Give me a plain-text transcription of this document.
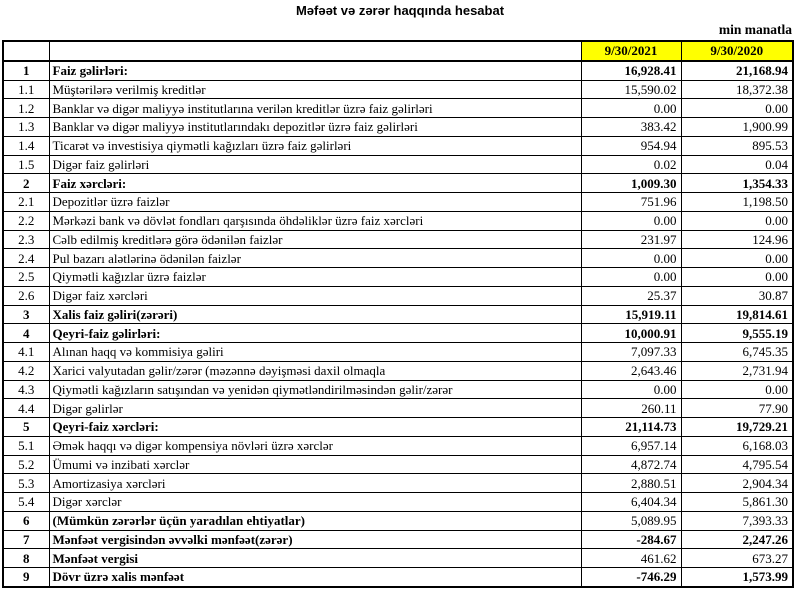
Məfəət və zərər haqqında hesabat
min manatla
		9/30/2021	9/30/2020
1	Faiz gəlirləri:	16,928.41	21,168.94
1.1	Müştərilərə verilmiş kreditlər	15,590.02	18,372.38
1.2	Banklar və digər maliyyə institutlarına verilən kreditlər üzrə faiz gəlirləri	0.00	0.00
1.3	Banklar və digər maliyyə institutlarındakı depozitlər üzrə faiz gəlirləri	383.42	1,900.99
1.4	Ticarət və investisiya qiymətli kağızları üzrə faiz gəlirləri	954.94	895.53
1.5	Digər faiz gəlirləri	0.02	0.04
2	Faiz xərcləri:	1,009.30	1,354.33
2.1	Depozitlər üzrə faizlər	751.96	1,198.50
2.2	Mərkəzi bank və dövlət fondları qarşısında öhdəliklər üzrə faiz xərcləri	0.00	0.00
2.3	Cəlb edilmiş kreditlərə görə ödənilən faizlər	231.97	124.96
2.4	Pul bazarı alətlərinə ödənilən faizlər	0.00	0.00
2.5	Qiymətli kağızlar üzrə faizlər	0.00	0.00
2.6	Digər faiz xərcləri	25.37	30.87
3	Xalis faiz gəliri(zərəri)	15,919.11	19,814.61
4	Qeyri-faiz gəlirləri:	10,000.91	9,555.19
4.1	Alınan haqq və kommisiya gəliri	7,097.33	6,745.35
4.2	Xarici valyutadan gəlir/zərər (məzənnə dəyişməsi daxil olmaqla	2,643.46	2,731.94
4.3	Qiymətli kağızların satışından və yenidən qiymətləndirilməsindən gəlir/zərər	0.00	0.00
4.4	Digər gəlirlər	260.11	77.90
5	Qeyri-faiz xərcləri:	21,114.73	19,729.21
5.1	Əmək haqqı və digər kompensiya növləri üzrə xərclər	6,957.14	6,168.03
5.2	Ümumi və inzibati xərclər	4,872.74	4,795.54
5.3	Amortizasiya xərcləri	2,880.51	2,904.34
5.4	Digər xərclər	6,404.34	5,861.30
6	(Mümkün zərərlər üçün yaradılan ehtiyatlar)	5,089.95	7,393.33
7	Mənfəət vergisindən əvvəlki mənfəət(zərər)	-284.67	2,247.26
8	Mənfəət vergisi	461.62	673.27
9	Dövr üzrə xalis mənfəət	-746.29	1,573.99
